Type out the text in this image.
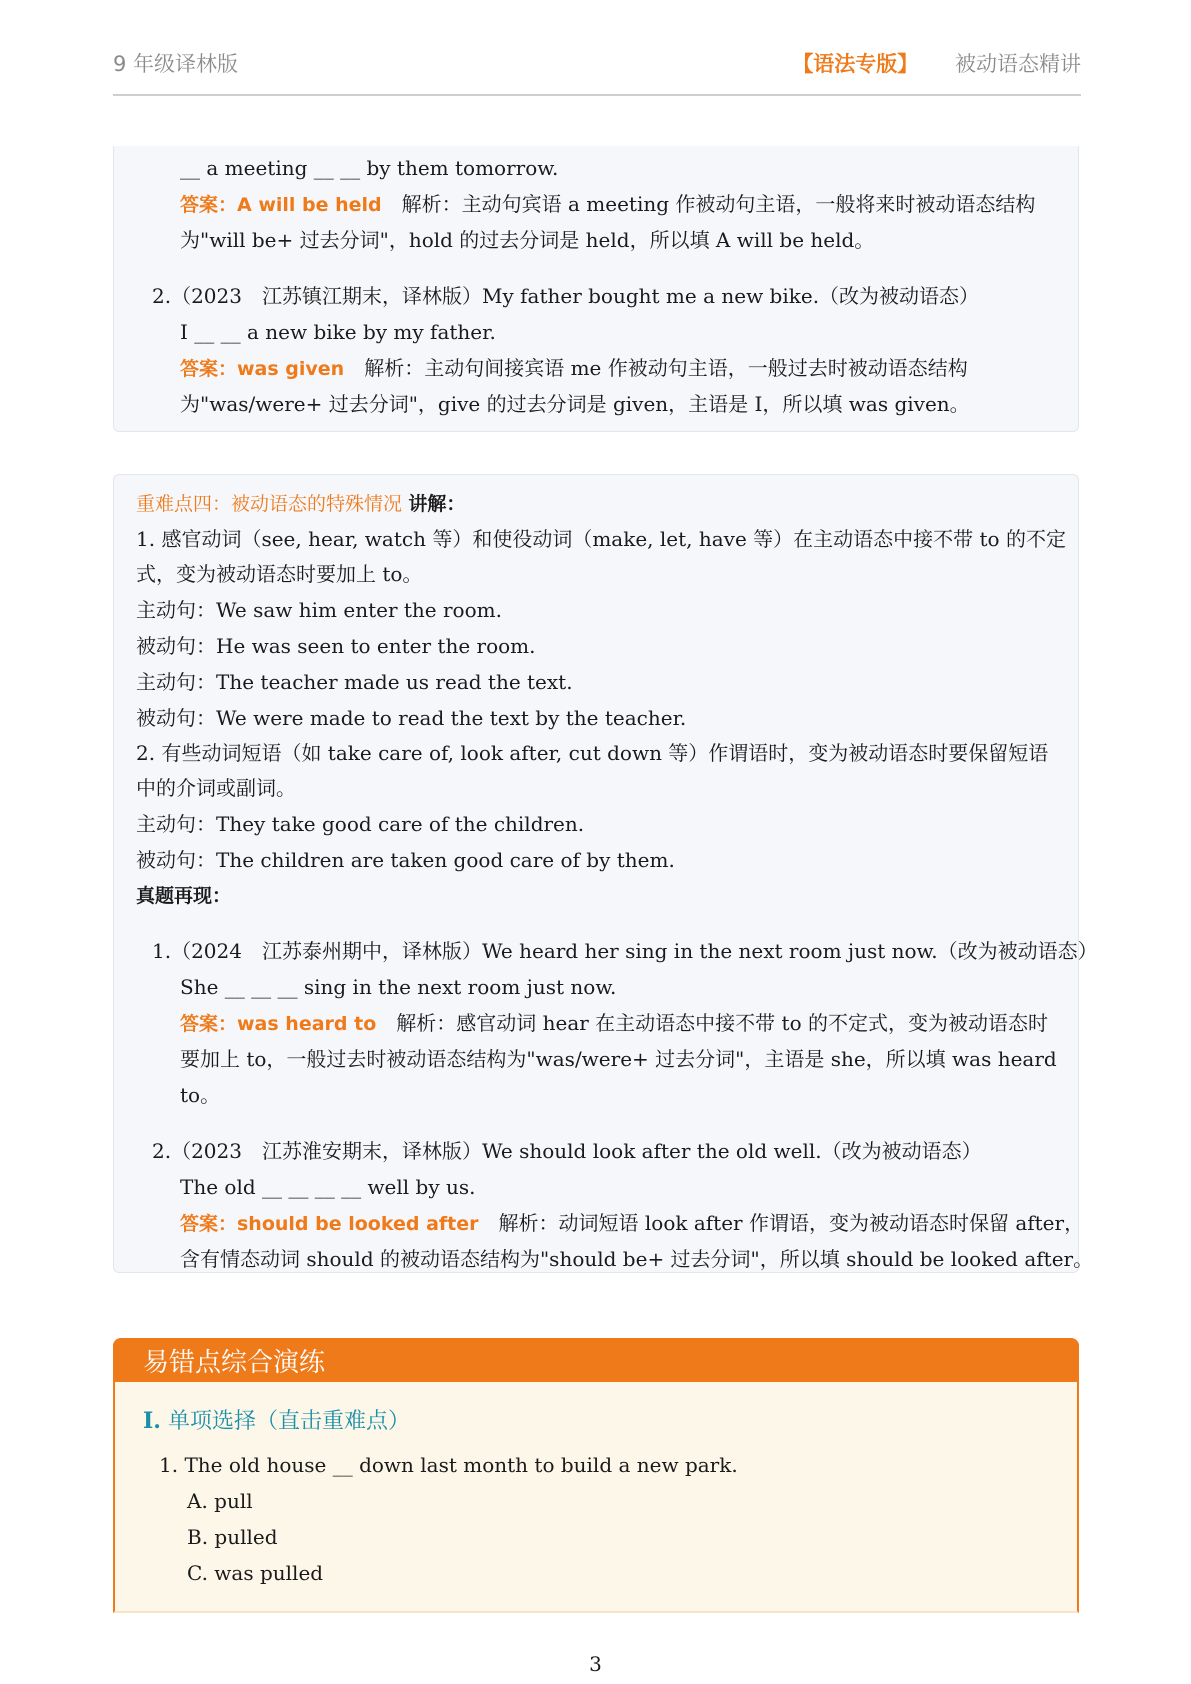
9 年级译林版	【语法专版】 被动语态精讲
__ a meeting __ __ by them tomorrow.
答案：A will be held　解析：主动句宾语 a meeting 作被动句主语，一般将来时被动语态结构
为"will be+ 过去分词"，hold 的过去分词是 held，所以填 A will be held。
2.（2023　江苏镇江期末，译林版）My father bought me a new bike.（改为被动语态）
I __ __ a new bike by my father.
答案：was given　解析：主动句间接宾语 me 作被动句主语，一般过去时被动语态结构
为"was/were+ 过去分词"，give 的过去分词是 given，主语是 I，所以填 was given。
重难点四：被动语态的特殊情况 讲解：
1. 感官动词（see, hear, watch 等）和使役动词（make, let, have 等）在主动语态中接不带 to 的不定
式，变为被动语态时要加上 to。
主动句：We saw him enter the room.
被动句：He was seen to enter the room.
主动句：The teacher made us read the text.
被动句：We were made to read the text by the teacher.
2. 有些动词短语（如 take care of, look after, cut down 等）作谓语时，变为被动语态时要保留短语
中的介词或副词。
主动句：They take good care of the children.
被动句：The children are taken good care of by them.
真题再现：
1.（2024　江苏泰州期中，译林版）We heard her sing in the next room just now.（改为被动语态）
She __ __ __ sing in the next room just now.
答案：was heard to　解析：感官动词 hear 在主动语态中接不带 to 的不定式，变为被动语态时
要加上 to，一般过去时被动语态结构为"was/were+ 过去分词"，主语是 she，所以填 was heard
to。
2.（2023　江苏淮安期末，译林版）We should look after the old well.（改为被动语态）
The old __ __ __ __ well by us.
答案：should be looked after　解析：动词短语 look after 作谓语，变为被动语态时保留 after，
含有情态动词 should 的被动语态结构为"should be+ 过去分词"，所以填 should be looked after。
易错点综合演练
I. 单项选择（直击重难点）
1. The old house __ down last month to build a new park.
A. pull
B. pulled
C. was pulled
3
